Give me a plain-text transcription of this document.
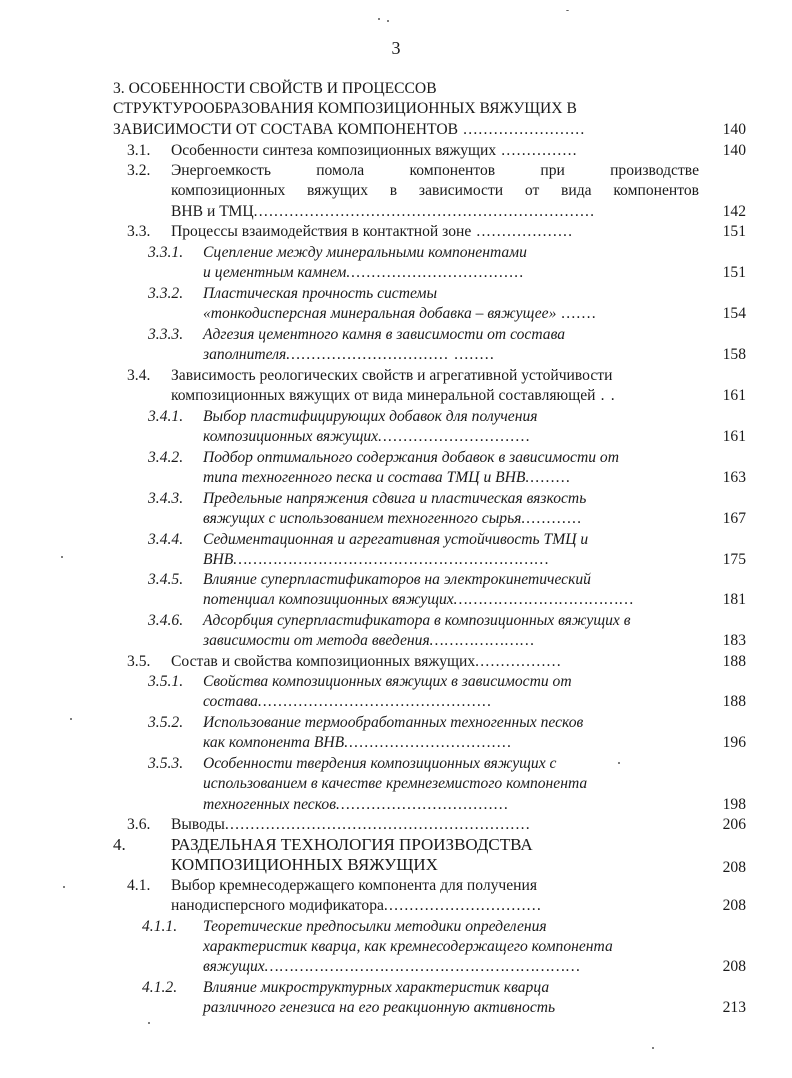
3
3. ОСОБЕННОСТИ СВОЙСТВ И ПРОЦЕССОВ
СТРУКТУРООБРАЗОВАНИЯ КОМПОЗИЦИОННЫХ ВЯЖУЩИХ В
ЗАВИСИМОСТИ ОТ СОСТАВА КОМПОНЕНТОВ ........................	140
3.1. Особенности синтеза композиционных вяжущих ...............	140
3.2. Энергоемкость помола компонентов при производстве
композиционных вяжущих в зависимости от вида компонентов
ВНВ и ТМЦ...................................................................	142
3.3. Процессы взаимодействия в контактной зоне ...................	151
3.3.1. Сцепление между минеральными компонентами
и цементным камнем...................................	151
3.3.2. Пластическая прочность системы
«тонкодисперсная минеральная добавка – вяжущее» .......	154
3.3.3. Адгезия цементного камня в зависимости от состава
заполнителя................................ ........	158
3.4. Зависимость реологических свойств и агрегативной устойчивости
композиционных вяжущих от вида минеральной составляющей . .	161
3.4.1. Выбор пластифицирующих добавок для получения
композиционных вяжущих..............................	161
3.4.2. Подбор оптимального содержания добавок в зависимости от
типа техногенного песка и состава ТМЦ и ВНВ.........	163
3.4.3. Предельные напряжения сдвига и пластическая вязкость
вяжущих с использованием техногенного сырья............	167
3.4.4. Седиментационная и агрегативная устойчивость ТМЦ и
ВНВ………………………………………………………	175
3.4.5. Влияние суперпластификаторов на электрокинетический
потенциал композиционных вяжущих………………………………	181
3.4.6. Адсорбция суперпластификатора в композиционных вяжущих в
зависимости от метода введения…………………	183
3.5. Состав и свойства композиционных вяжущих.................	188
3.5.1. Свойства композиционных вяжущих в зависимости от
состава..............................................	188
3.5.2. Использование термообработанных техногенных песков
как компонента ВНВ.................................	196
3.5.3. Особенности твердения композиционных вяжущих с
использованием в качестве кремнеземистого компонента
техногенных песков..................................	198
3.6. Выводы............................................................	206
4.	РАЗДЕЛЬНАЯ ТЕХНОЛОГИЯ ПРОИЗВОДСТВА
КОМПОЗИЦИОННЫХ ВЯЖУЩИХ	208
4.1. Выбор кремнесодержащего компонента для получения
нанодисперсного модификатора...............................	208
4.1.1. Теоретические предпосылки методики определения
характеристик кварца, как кремнесодержащего компонента
вяжущих………………………………………………………	208
4.1.2. Влияние микроструктурных характеристик кварца
различного генезиса на его реакционную активность	213
